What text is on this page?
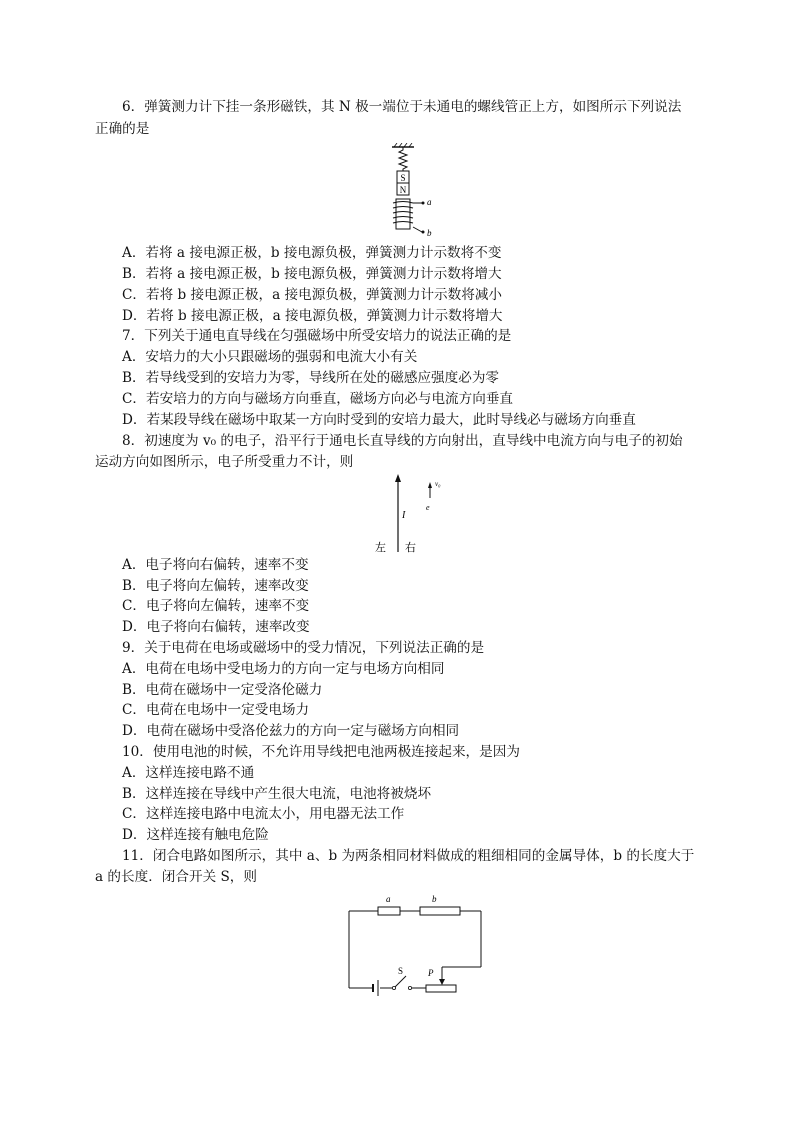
6．弹簧测力计下挂一条形磁铁，其 N 极一端位于未通电的螺线管正上方，如图所示下列说法
正确的是
S
N
a
b
A．若将 a 接电源正极，b 接电源负极，弹簧测力计示数将不变
B．若将 a 接电源正极，b 接电源负极，弹簧测力计示数将增大
C．若将 b 接电源正极，a 接电源负极，弹簧测力计示数将减小
D．若将 b 接电源正极，a 接电源负极，弹簧测力计示数将增大
7．下列关于通电直导线在匀强磁场中所受安培力的说法正确的是
A．安培力的大小只跟磁场的强弱和电流大小有关
B．若导线受到的安培力为零，导线所在处的磁感应强度必为零
C．若安培力的方向与磁场方向垂直，磁场方向必与电流方向垂直
D．若某段导线在磁场中取某一方向时受到的安培力最大，此时导线必与磁场方向垂直
8．初速度为 v₀ 的电子，沿平行于通电长直导线的方向射出，直导线中电流方向与电子的初始
运动方向如图所示，电子所受重力不计，则
I
v₀
e
左 右
A．电子将向右偏转，速率不变
B．电子将向左偏转，速率改变
C．电子将向左偏转，速率不变
D．电子将向右偏转，速率改变
9．关于电荷在电场或磁场中的受力情况，下列说法正确的是
A．电荷在电场中受电场力的方向一定与电场方向相同
B．电荷在磁场中一定受洛伦磁力
C．电荷在电场中一定受电场力
D．电荷在磁场中受洛伦兹力的方向一定与磁场方向相同
10．使用电池的时候，不允许用导线把电池两极连接起来，是因为
A．这样连接电路不通
B．这样连接在导线中产生很大电流，电池将被烧坏
C．这样连接电路中电流太小，用电器无法工作
D．这样连接有触电危险
11．闭合电路如图所示，其中 a、b 为两条相同材料做成的粗细相同的金属导体，b 的长度大于
a 的长度．闭合开关 S，则
a	b
P
S
